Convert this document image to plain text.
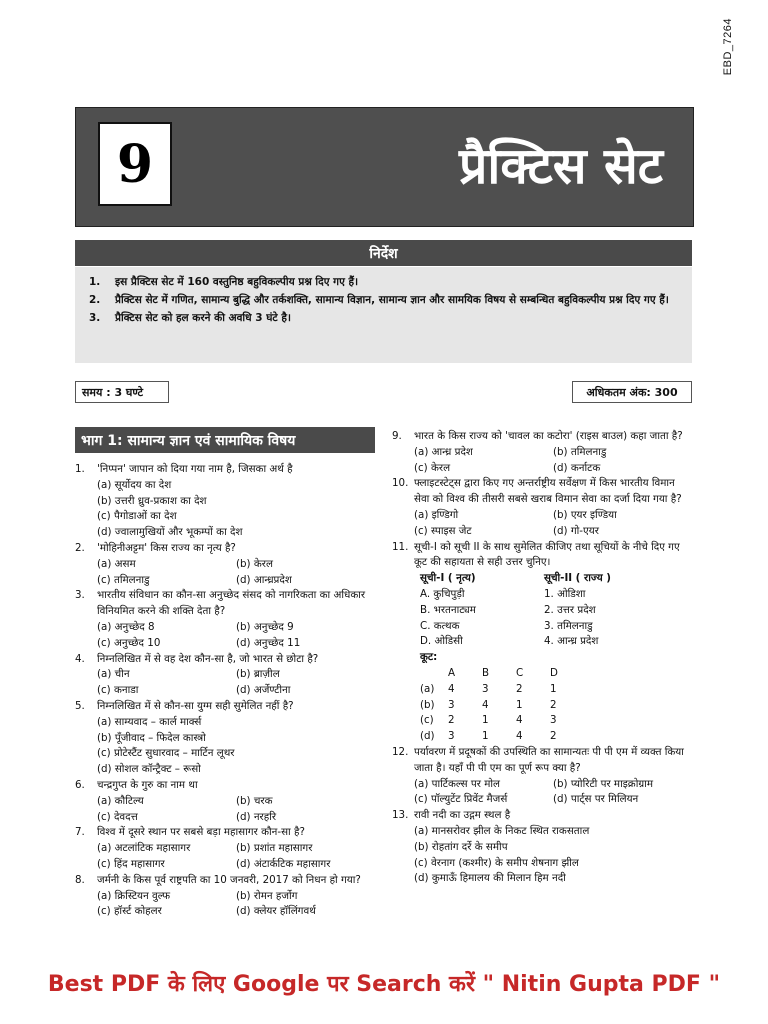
EBD_7264
9	प्रैक्टिस सेट
निर्देश
1.	इस प्रैक्टिस सेट में 160 वस्तुनिष्ठ बहुविकल्पीय प्रश्न दिए गए हैं।
2.	प्रैक्टिस सेट में गणित, सामान्य बुद्धि और तर्कशक्ति, सामान्य विज्ञान, सामान्य ज्ञान और सामयिक विषय से सम्बन्धित बहुविकल्पीय प्रश्न दिए गए हैं।
3.	प्रैक्टिस सेट को हल करने की अवधि 3 घंटे है।
समय : 3 घण्टे	अधिकतम अंक: 300
भाग 1: सामान्य ज्ञान एवं सामायिक विषय
1.	'निप्पन' जापान को दिया गया नाम है, जिसका अर्थ है
(a) सूर्योदय का देश
(b) उत्तरी ध्रुव-प्रकाश का देश
(c) पैगोडाओं का देश
(d) ज्वालामुखियों और भूकम्पों का देश
2.	'मोहिनीअट्टम' किस राज्य का नृत्य है?
(a) असम	(b) केरल
(c) तमिलनाडु	(d) आन्ध्रप्रदेश
3.	भारतीय संविधान का कौन-सा अनुच्छेद संसद को नागरिकता का अधिकार विनियमित करने की शक्ति देता है?
(a) अनुच्छेद 8	(b) अनुच्छेद 9
(c) अनुच्छेद 10	(d) अनुच्छेद 11
4.	निम्नलिखित में से वह देश कौन-सा है, जो भारत से छोटा है?
(a) चीन	(b) ब्राज़ील
(c) कनाडा	(d) अर्जेण्टीना
5.	निम्नलिखित में से कौन-सा युग्म सही सुमेलित नहीं है?
(a) साम्यवाद – कार्ल मार्क्स
(b) पूँजीवाद – फिदेल कास्त्रो
(c) प्रोटेस्टैंट सुधारवाद – मार्टिन लूथर
(d) सोशल कॉन्ट्रैक्ट – रूसो
6.	चन्द्रगुप्त के गुरु का नाम था
(a) कौटिल्य	(b) चरक
(c) देवदत्त	(d) नरहरि
7.	विश्व में दूसरे स्थान पर सबसे बड़ा महासागर कौन-सा है?
(a) अटलांटिक महासागर	(b) प्रशांत महासागर
(c) हिंद महासागर	(d) अंटार्कटिक महासागर
8.	जर्मनी के किस पूर्व राष्ट्रपति का 10 जनवरी, 2017 को निधन हो गया?
(a) क्रिस्टियन वुल्फ	(b) रोमन हर्जोग
(c) हॉर्स्ट कोहलर	(d) क्लेयर हॉलिंगवर्थ
9.	भारत के किस राज्य को 'चावल का कटोरा' (राइस बाउल) कहा जाता है?
(a) आन्ध्र प्रदेश	(b) तमिलनाडु
(c) केरल	(d) कर्नाटक
10. फ्लाइटस्टेट्स द्वारा किए गए अन्तर्राष्ट्रीय सर्वेक्षण में किस भारतीय विमान सेवा को विश्व की तीसरी सबसे खराब विमान सेवा का दर्जा दिया गया है?
(a) इण्डिगो	(b) एयर इण्डिया
(c) स्पाइस जेट	(d) गो-एयर
11. सूची-I को सूची II के साथ सुमेलित कीजिए तथा सूचियों के नीचे दिए गए कूट की सहायता से सही उत्तर चुनिए।
सूची-I ( नृत्य)	सूची-II ( राज्य )
A. कुचिपुड़ी	1. ओडिशा
B. भरतनाट्यम	2. उत्तर प्रदेश
C. कत्थक	3. तमिलनाडु
D. ओडिसी	4. आन्ध्र प्रदेश
कूट:
A	B	C	D
(a)	4	3	2	1
(b)	3	4	1	2
(c)	2	1	4	3
(d)	3	1	4	2
12. पर्यावरण में प्रदूषकों की उपस्थिति का सामान्यतः पी पी एम में व्यक्त किया जाता है। यहाँ पी पी एम का पूर्ण रूप क्या है?
(a) पार्टिकल्स पर मोल	(b) प्योरिटी पर माइक्रोग्राम
(c) पॉल्युटेंट प्रिवेंट मैजर्स	(d) पार्ट्स पर मिलियन
13. रावी नदी का उद्गम स्थल है
(a) मानसरोवर झील के निकट स्थित राकसताल
(b) रोहतांग दर्रे के समीप
(c) वेरनाग (कश्मीर) के समीप शेषनाग झील
(d) कुमाऊँ हिमालय की मिलान हिम नदी
Best PDF के लिए Google पर Search करें " Nitin Gupta PDF "
